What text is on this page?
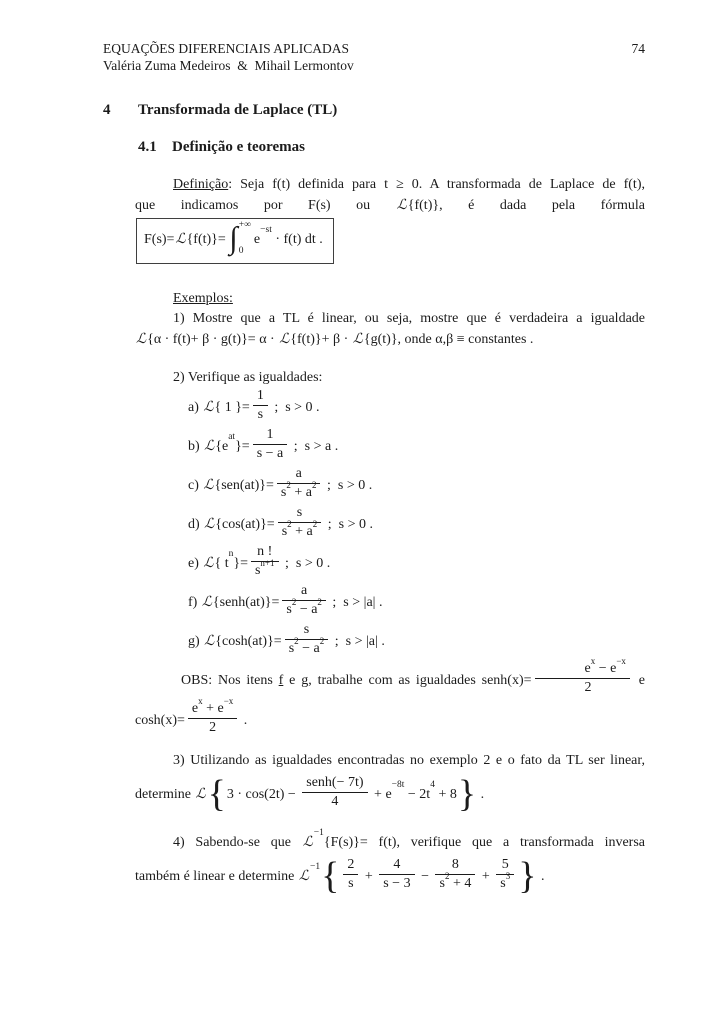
EQUAÇÕES DIFERENCIAIS APLICADAS	74
Valéria Zuma Medeiros  &  Mihail Lermontov
4	Transformada de Laplace (TL)
4.1	Definição e teoremas
Definição: Seja f(t) definida para t ≥ 0. A transformada de Laplace de f(t),
que indicamos por F(s) ou ℒ{f(t)}, é dada pela fórmula
F(s)=ℒ{f(t)}= ∫ +∞
0
$e^{-st} \cdot f(t)$ dt .
Exemplos:
1) Mostre que a TL é linear, ou seja, mostre que é verdadeira a igualdade
ℒ{α · f(t)+ β · g(t)}= α · ℒ{f(t)}+ β · ℒ{g(t)}, onde α,β ≡ constantes .
2) Verifique as igualdades:
a) ℒ{ 1 }= $\frac{1}{s}$ ;  s > 0 .
b) $ℒ\{e^{at}\}= \frac{1}{s - a}$ ;  s > a .
c) ℒ{sen(at)}= $\frac{a}{s^2 + a^2}$ ;  s > 0 .
d) ℒ{cos(at)}= $\frac{s}{s^2 + a^2}$ ;  s > 0 .
e) ℒ{ $t^n\}= \frac{n !}{s^{n+1}}$ ;  s > 0 .
f) ℒ{senh(at)}= $\frac{a}{s^2 - a^2}$ ;  s > |a| .
g) ℒ{cosh(at)}= $\frac{s}{s^2 - a^2}$ ;  s > |a| .
OBS: Nos itens f e g, trabalhe com as igualdades senh(x)= $\frac{e^x - e^{-x}}{2}$ e
$\cosh(x)= \frac{e^x + e^{-x}}{2}$ .
3) Utilizando as igualdades encontradas no exemplo 2 e o fato da TL ser linear,
determine ℒ{3 · $\cos(2t) - \frac{\text{senh(− 7t)}}{4} + e^{-8t} - 2t^4 + 8$} .
4) Sabendo-se que ℒ$^{-1}${F(s)}= f(t), verifique que a transformada inversa
também é linear e determine ℒ$^{-1}${ $\frac{2}{s} + \frac{4}{s - 3} - \frac{8}{s^2 + 4} + \frac{5}{s^3}$ } .
